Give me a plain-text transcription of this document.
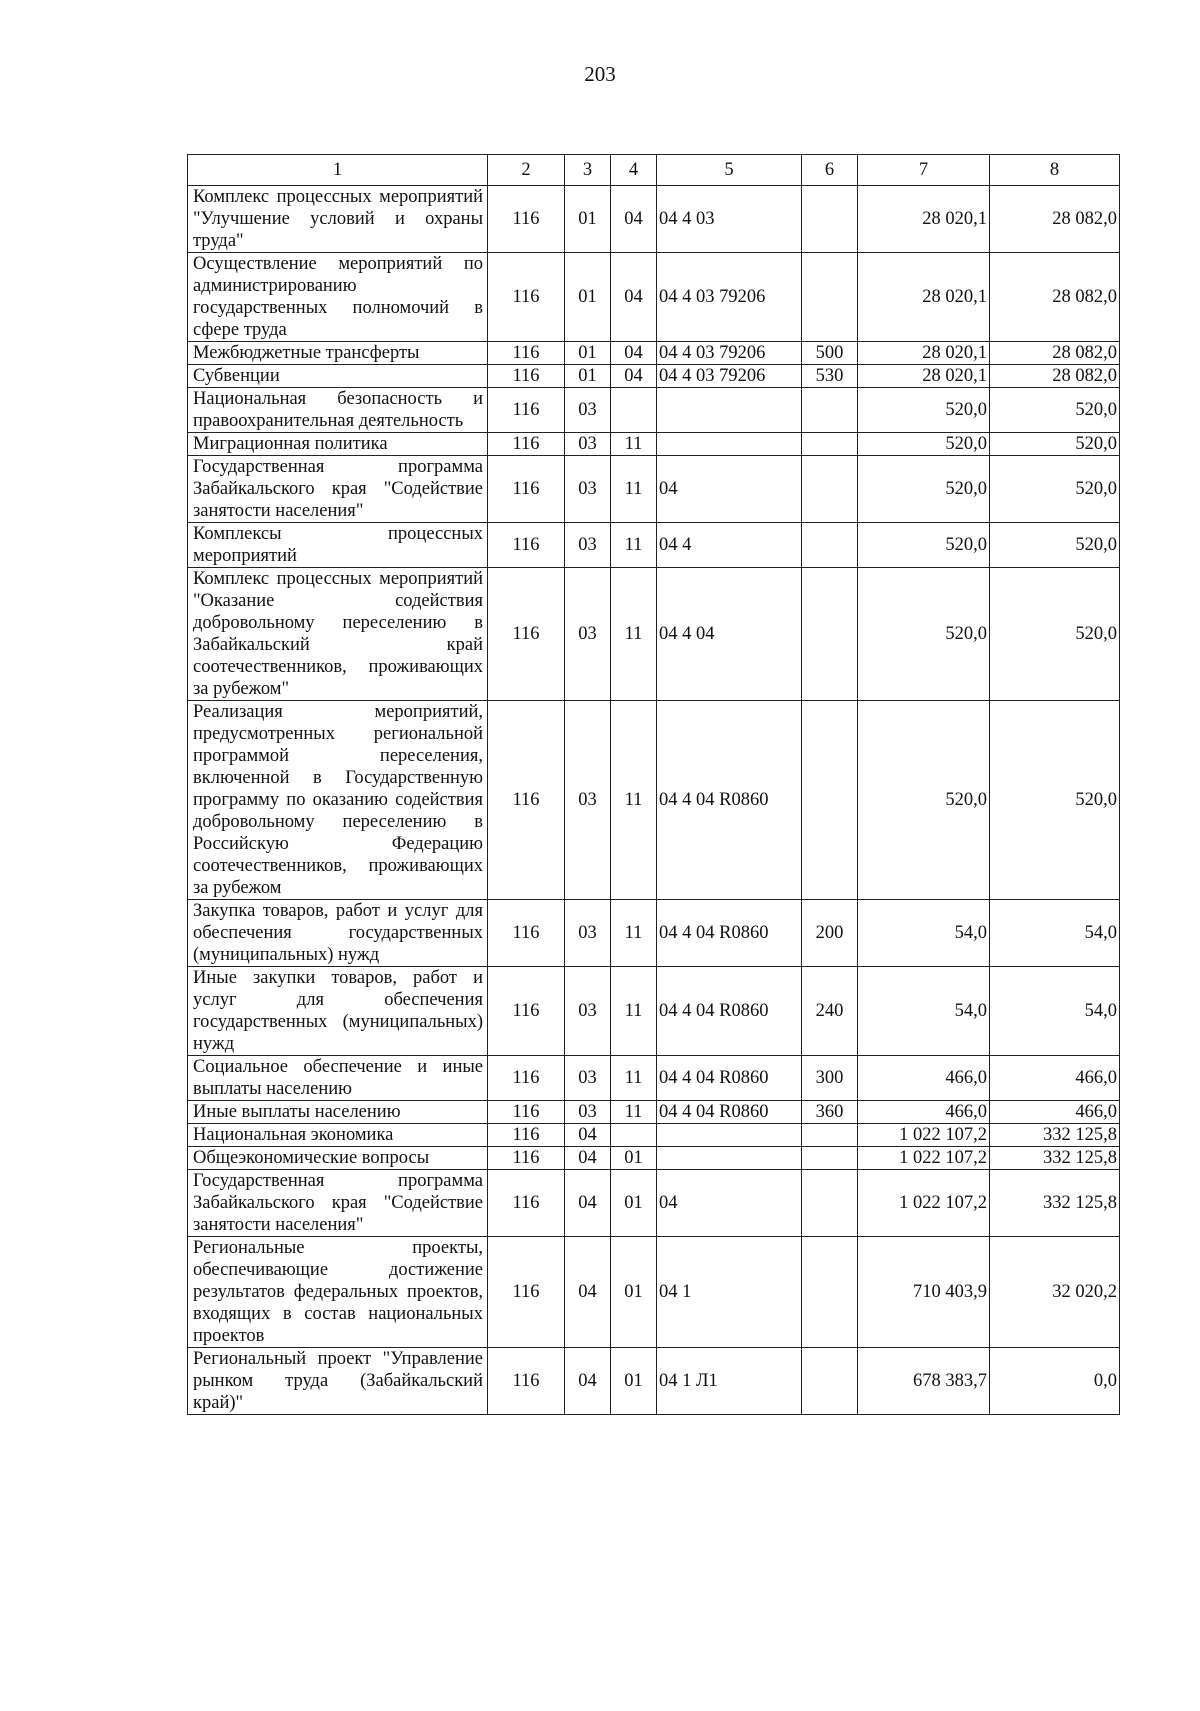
203
1	2	3	4	5	6	7	8
Комплекс процессных мероприятий "Улучшение условий и охраны труда"	116	01	04	04 4 03		28 020,1	28 082,0
Осуществление мероприятий по администрированию государственных полномочий в сфере труда	116	01	04	04 4 03 79206		28 020,1	28 082,0
Межбюджетные трансферты	116	01	04	04 4 03 79206	500	28 020,1	28 082,0
Субвенции	116	01	04	04 4 03 79206	530	28 020,1	28 082,0
Национальная безопасность и правоохранительная деятельность	116	03				520,0	520,0
Миграционная политика	116	03	11			520,0	520,0
Государственная программа Забайкальского края "Содействие занятости населения"	116	03	11	04		520,0	520,0
Комплексы процессных мероприятий	116	03	11	04 4		520,0	520,0
Комплекс процессных мероприятий "Оказание содействия добровольному переселению в Забайкальский край соотечественников, проживающих за рубежом"	116	03	11	04 4 04		520,0	520,0
Реализация мероприятий, предусмотренных региональной программой переселения, включенной в Государственную программу по оказанию содействия добровольному переселению в Российскую Федерацию соотечественников, проживающих за рубежом	116	03	11	04 4 04 R0860		520,0	520,0
Закупка товаров, работ и услуг для обеспечения государственных (муниципальных) нужд	116	03	11	04 4 04 R0860	200	54,0	54,0
Иные закупки товаров, работ и услуг для обеспечения государственных (муниципальных) нужд	116	03	11	04 4 04 R0860	240	54,0	54,0
Социальное обеспечение и иные выплаты населению	116	03	11	04 4 04 R0860	300	466,0	466,0
Иные выплаты населению	116	03	11	04 4 04 R0860	360	466,0	466,0
Национальная экономика	116	04				1 022 107,2	332 125,8
Общеэкономические вопросы	116	04	01			1 022 107,2	332 125,8
Государственная программа Забайкальского края "Содействие занятости населения"	116	04	01	04		1 022 107,2	332 125,8
Региональные проекты, обеспечивающие достижение результатов федеральных проектов, входящих в состав национальных проектов	116	04	01	04 1		710 403,9	32 020,2
Региональный проект "Управление рынком труда (Забайкальский край)"	116	04	01	04 1 Л1		678 383,7	0,0
